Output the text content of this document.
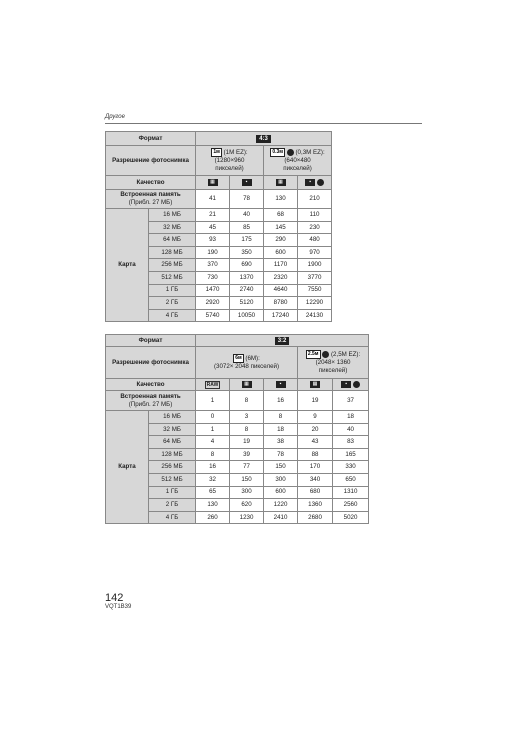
Другое
Формат		4:3			
Разрешение фотоснимка		1м (1M EZ):
(1280×960
пикселей)		0.3м (0,3M EZ):
(640×480
пикселей)	
Качество		▦	▪	▦	▪
Встроенная память
(Прибл. 27 МБ)		41	78	130	210
Карта	16 МБ	21	40	68	110
	32 МБ	45	85	145	230
	64 МБ	93	175	290	480
	128 МБ	190	350	600	970
	256 МБ	370	690	1170	1900
	512 МБ	730	1370	2320	3770
	1 ГБ	1470	2740	4640	7550
	2 ГБ	2920	5120	8780	12290
	4 ГБ	5740	10050	17240	24130
Формат		3:2				
Разрешение фотоснимка		6м (6M):
(3072× 2048 пикселей)			2.5м (2,5M EZ):
(2048× 1360
пикселей)	
Качество		RAW	▦	▪	▦	▪
Встроенная память
(Прибл. 27 МБ)		1	8	16	19	37
Карта	16 МБ	0	3	8	9	18
	32 МБ	1	8	18	20	40
	64 МБ	4	19	38	43	83
	128 МБ	8	39	78	88	165
	256 МБ	16	77	150	170	330
	512 МБ	32	150	300	340	650
	1 ГБ	65	300	600	680	1310
	2 ГБ	130	620	1220	1360	2560
	4 ГБ	260	1230	2410	2680	5020
142
VQT1B39
